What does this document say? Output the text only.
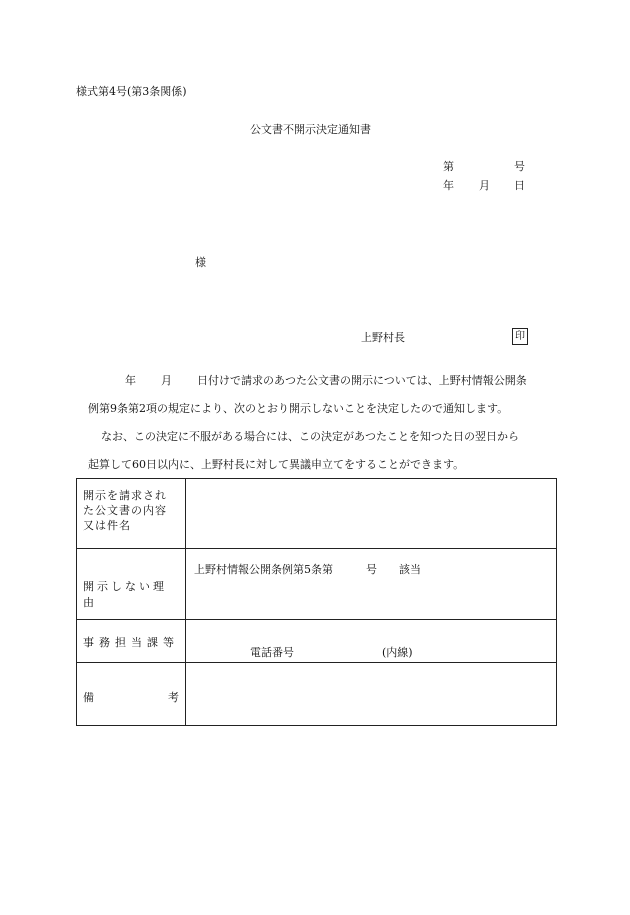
様式第4号(第3条関係)
公文書不開示決定通知書
第	号
年 月 日
様
上野村長	印
年 月 日付けで請求のあつた公文書の開示については、上野村情報公開条
例第9条第2項の規定により、次のとおり開示しないことを決定したので通知します。
なお、この決定に不服がある場合には、この決定があつたことを知つた日の翌日から
起算して60日以内に、上野村長に対して異議申立てをすることができます。
開示を請求され
た公文書の内容
又は件名	

開示しない理由	上野村情報公開条例第5条第 号 該当

事務担当課等	電話番号 (内線)

備 考	
